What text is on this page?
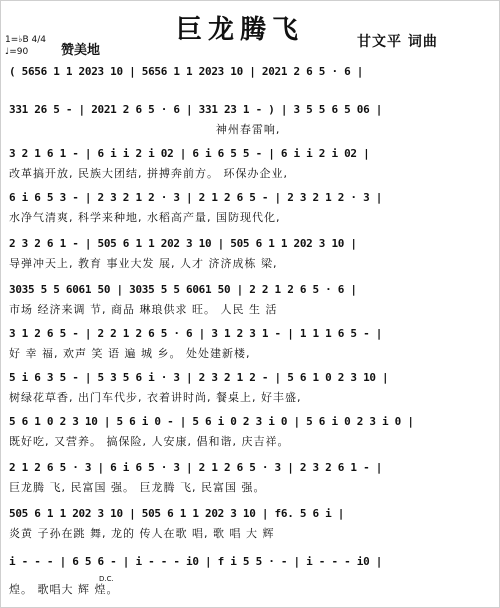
1=♭B 4/4
♩=90	赞美地
巨龙腾飞	甘文平 词曲
( 5656 1 1 2023 10 | 5656 1 1 2023 10 | 2021 2 6 5 · 6 |
331 26 5 - | 2021 2 6 5 · 6 | 331 23 1 - ) | 3 5 5 6 5 06 |
神州春雷响,
3 2 1 6 1 - | 6 i i 2 i 02 | 6 i 6 5 5 - | 6 i i 2 i 02 |
改革搞开放, 民族大团结, 拼搏奔前方。 环保办企业,
6 i 6 5 3 - | 2 3 2 1 2 · 3 | 2 1 2 6 5 - | 2 3 2 1 2 · 3 |
水净气清爽, 科学来种地, 水稻高产量, 国防现代化,
2 3 2 6 1 - | 505 6 1 1 202 3 10 | 505 6 1 1 202 3 10 |
导弹冲天上, 教育 事业大发 展, 人才 济济成栋 梁,
3035 5 5 6061 50 | 3035 5 5 6061 50 | 2 2 1 2 6 5 · 6 |
市场 经济来调 节, 商品 琳琅供求 旺。 人民 生 活
3 1 2 6 5 - | 2 2 1 2 6 5 · 6 | 3 1 2 3 1 - | 1 1 1 6 5 - |
好 幸 福, 欢声 笑 语 遍 城 乡。 处处建新楼,
5 i 6 3 5 - | 5 3 5 6 i · 3 | 2 3 2 1 2 - | 5 6 1 0 2 3 10 |
树绿花草香, 出门车代步, 衣着讲时尚, 餐桌上, 好丰盛,
5 6 1 0 2 3 10 | 5 6 i 0 - | 5 6 i 0 2 3 i 0 | 5 6 i 0 2 3 i 0 |
既好吃, 又营养。 搞保险, 人安康, 倡和谐, 庆吉祥。
2 1 2 6 5 · 3 | 6 i 6 5 · 3 | 2 1 2 6 5 · 3 | 2 3 2 6 1 - |
巨龙腾 飞, 民富国 强。 巨龙腾 飞, 民富国 强。
505 6 1 1 202 3 10 | 505 6 1 1 202 3 10 | f6. 5 6 i |
炎黄 子孙在跳 舞, 龙的 传人在歌 唱, 歌 唱 大 辉
i - - - | 6 5 6 - | i - - - i0 | f i 5 5 · - | i - - - i0 |
D.C.
煌。 歌唱大 辉 煌。
